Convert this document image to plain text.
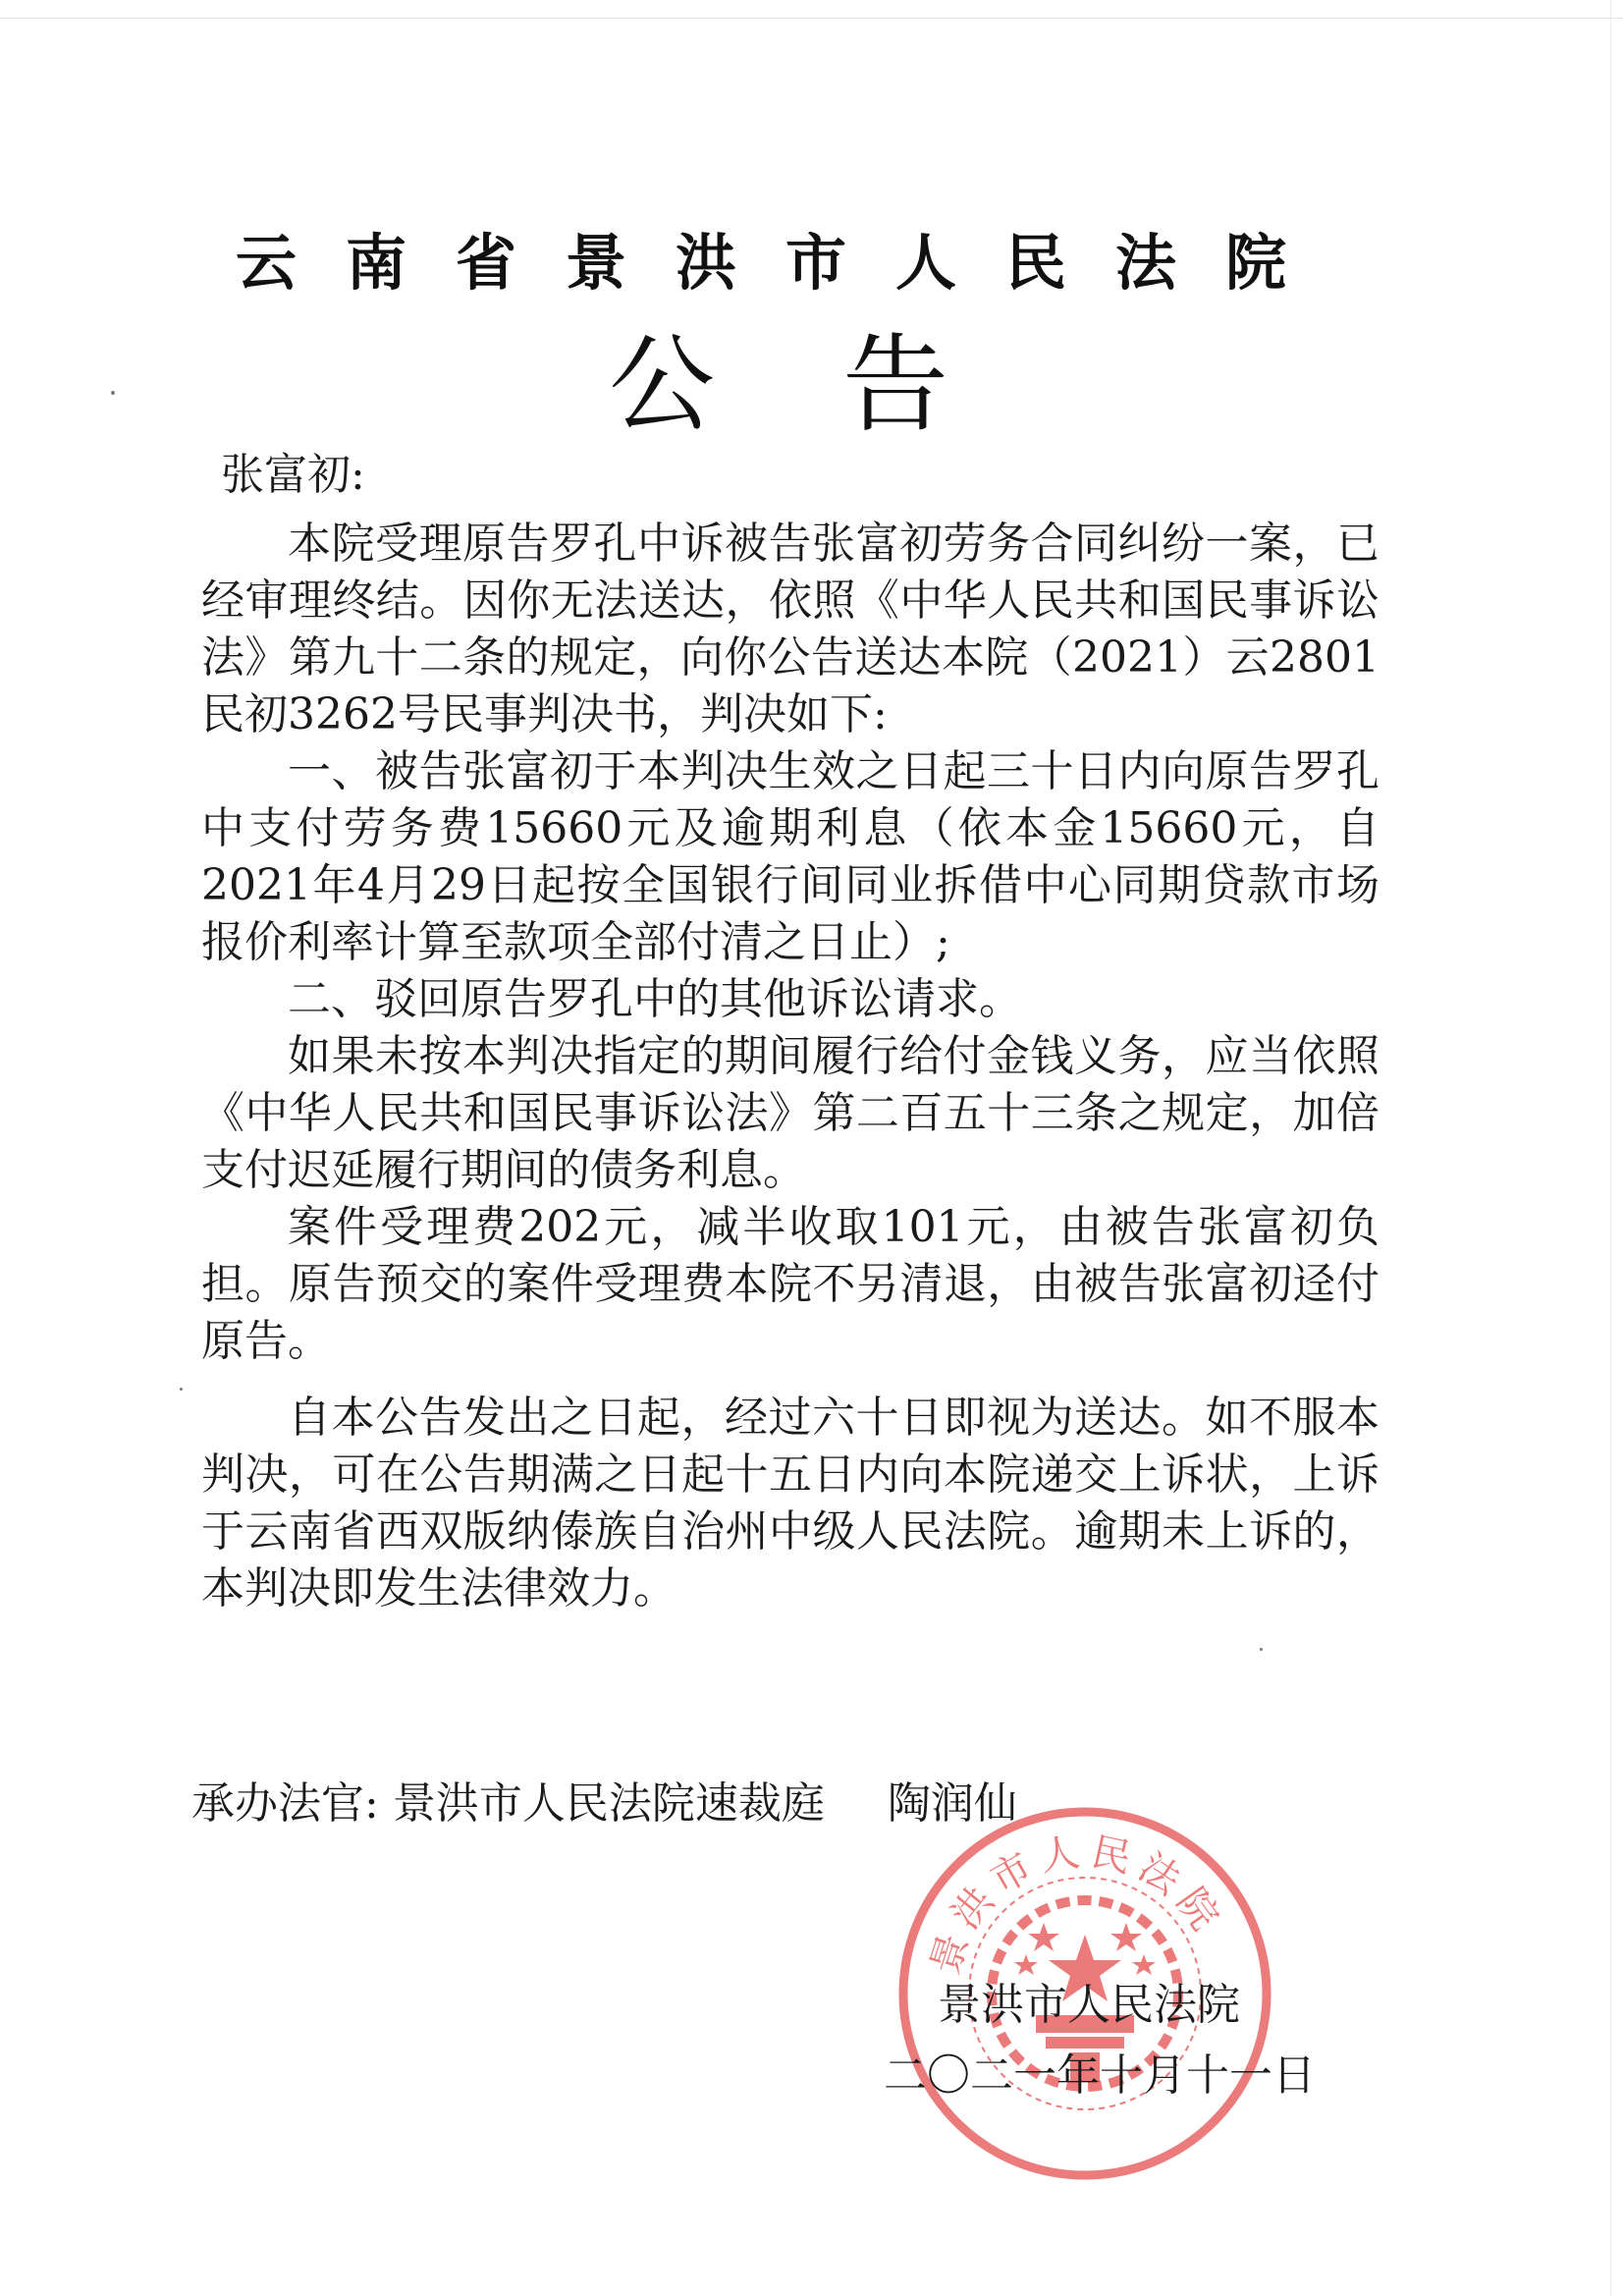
云南省景洪市人民法院
公告

张富初:

本院受理原告罗孔中诉被告张富初劳务合同纠纷一案，已经审理终结。因你无法送达，依照《中华人民共和国民事诉讼法》第九十二条的规定，向你公告送达本院（2021）云2801民初3262号民事判决书，判决如下:

一、被告张富初于本判决生效之日起三十日内向原告罗孔中支付劳务费15660元及逾期利息（依本金15660元，自2021年4月29日起按全国银行间同业拆借中心同期贷款市场报价利率计算至款项全部付清之日止）;

二、驳回原告罗孔中的其他诉讼请求。

如果未按本判决指定的期间履行给付金钱义务，应当依照《中华人民共和国民事诉讼法》第二百五十三条之规定，加倍支付迟延履行期间的债务利息。

案件受理费202元，减半收取101元，由被告张富初负担。原告预交的案件受理费本院不另清退，由被告张富初迳付原告。

自本公告发出之日起，经过六十日即视为送达。如不服本判决，可在公告期满之日起十五日内向本院递交上诉状，上诉于云南省西双版纳傣族自治州中级人民法院。逾期未上诉的，本判决即发生法律效力。

承办法官: 景洪市人民法院速裁庭 陶润仙
景洪市人民法院
景洪市人民法院
二〇二一年十月十一日
